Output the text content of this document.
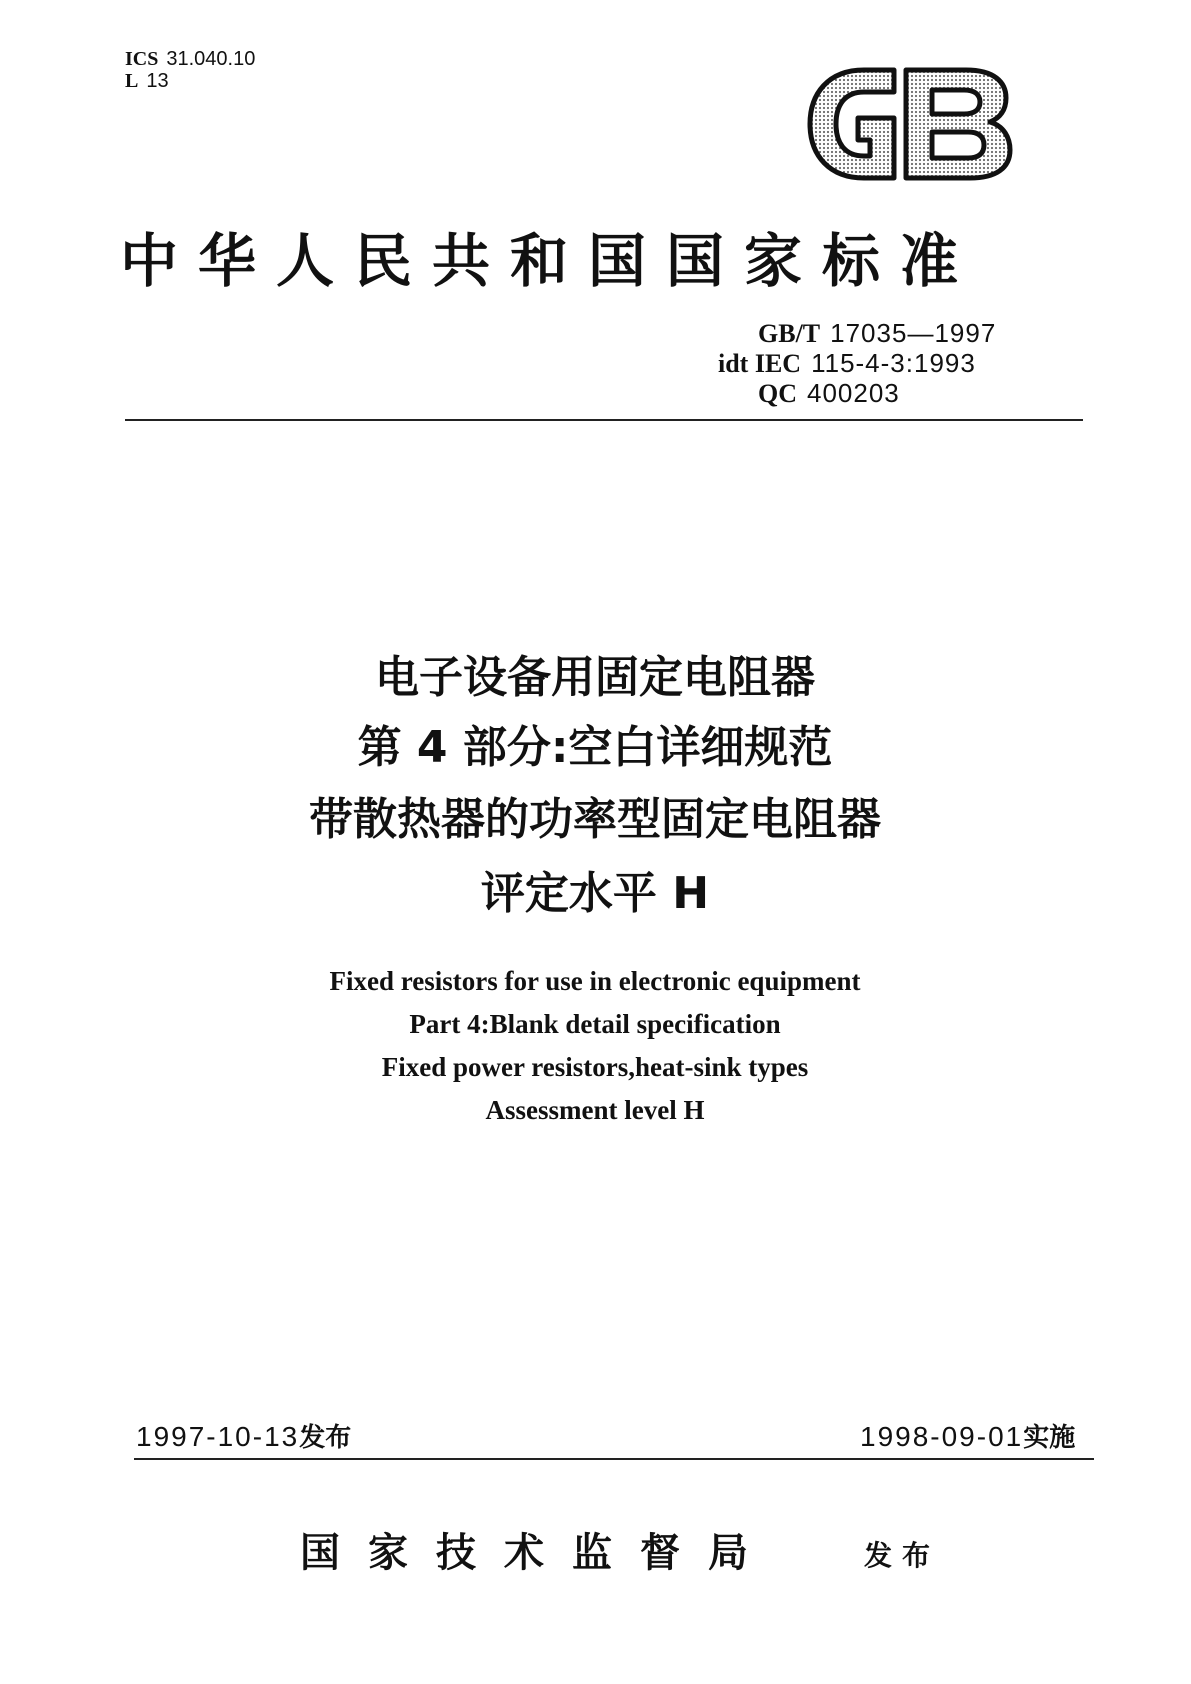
ICS 31.040.10
L 13
中华人民共和国国家标准
GB/T 17035—1997
idt IEC 115-4-3:1993
QC 400203
电子设备用固定电阻器
第 4 部分:空白详细规范
带散热器的功率型固定电阻器
评定水平 H
Fixed resistors for use in electronic equipment
Part 4:Blank detail specification
Fixed power resistors,heat-sink types
Assessment level H
1997-10-13发布	1998-09-01实施
国家技术监督局	发布
